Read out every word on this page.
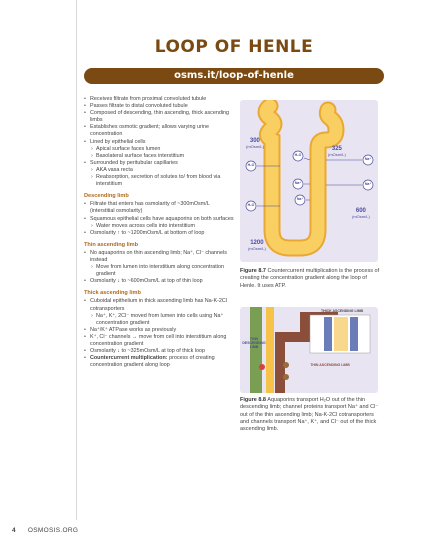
LOOP OF HENLE
osms.it/loop-of-henle
• Receives filtrate from proximal convoluted tubule
• Passes filtrate to distal convoluted tubule
• Composed of descending, thin ascending, thick ascending limbs
• Establishes osmotic gradient; allows varying urine concentration
• Lined by epithelial cells
› Apical surface faces lumen
› Basolateral surface faces interstitium
• Surrounded by peritubular capillaries
› AKA vasa recta
› Reabsorption, secretion of solutes to/ from blood via interstitium
Descending limb
• Filtrate that enters has osmolarity of ~300mOsm/L (interstitial osmolarity)
• Squamous epithelial cells have aquaporins on both surfaces
› Water moves across cells into interstitium
• Osmolarity ↑ to ~1200mOsm/L at bottom of loop
Thin ascending limb
• No aquaporins on thin ascending limb; Na⁺, Cl⁻ channels instead
› Move from lumen into interstitium along concentration gradient
• Osmolarity ↓ to ~600mOsm/L at top of thin loop
Thick ascending limb
• Cuboidal epithelium in thick ascending limb has Na-K-2Cl cotransporters
› Na⁺, K⁺, 2Cl⁻ moved from lumen into cells using Na⁺ concentration gradient
• Na⁺/K⁺ ATPase works as previously
• K⁺, Cl⁻ channels → move from cell into interstitium along concentration gradient
• Osmolarity ↓ to ~325mOsm/L at top of thick loop
• Countercurrent multiplication: process of creating concentration gradient along loop
300
(mOsm/L)	325
(mOsm/L)
600
(mOsm/L)
1200
(mOsm/L)
H₂O
H₂O
H₂O
Na⁺
Na⁺
Na⁺
Na⁺
Figure 8.7 Countercurrent multiplication is the process of creating the concentration gradient along the loop of Henle. It uses ATP.
THICK ASCENDING LIMB
THIN DESCENDING LIMB
THIN ASCENDING LIMB
Figure 8.8 Aquaporins transport H₂O out of the thin descending limb; channel proteins transport Na⁺ and Cl⁻ out of the thin ascending limb; Na-K-2Cl cotransporters and channels transport Na⁺, K⁺, and Cl⁻ out of the thick ascending limb.
4 OSMOSIS.ORG
